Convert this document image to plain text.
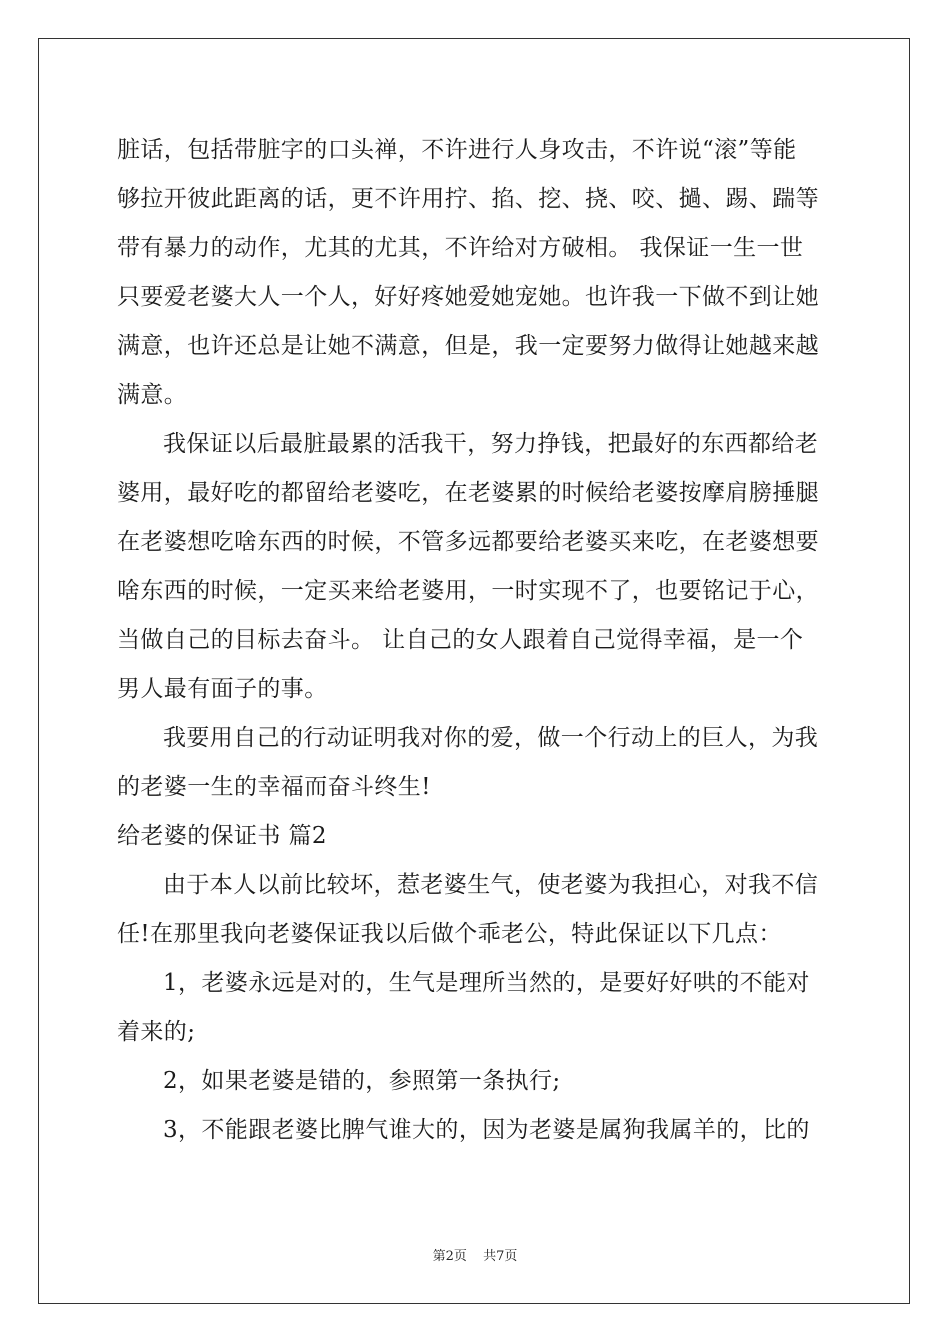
脏话，包括带脏字的口头禅，不许进行人身攻击，不许说“滚”等能
够拉开彼此距离的话，更不许用拧、掐、挖、挠、咬、撾、踢、踹等
带有暴力的动作，尤其的尤其，不许给对方破相。 我保证一生一世
只要爱老婆大人一个人，好好疼她爱她宠她。也许我一下做不到让她
满意，也许还总是让她不满意，但是，我一定要努力做得让她越来越
满意。
我保证以后最脏最累的活我干，努力挣钱，把最好的东西都给老
婆用，最好吃的都留给老婆吃，在老婆累的时候给老婆按摩肩膀捶腿
在老婆想吃啥东西的时候，不管多远都要给老婆买来吃，在老婆想要
啥东西的时候，一定买来给老婆用，一时实现不了，也要铭记于心，
当做自己的目标去奋斗。 让自己的女人跟着自己觉得幸福，是一个
男人最有面子的事。
我要用自己的行动证明我对你的爱，做一个行动上的巨人，为我
的老婆一生的幸福而奋斗终生!
给老婆的保证书 篇2
由于本人以前比较坏，惹老婆生气，使老婆为我担心，对我不信
任!在那里我向老婆保证我以后做个乖老公，特此保证以下几点：
1，老婆永远是对的，生气是理所当然的，是要好好哄的不能对
着来的;
2，如果老婆是错的，参照第一条执行;
3，不能跟老婆比脾气谁大的，因为老婆是属狗我属羊的，比的
第2页 共7页
